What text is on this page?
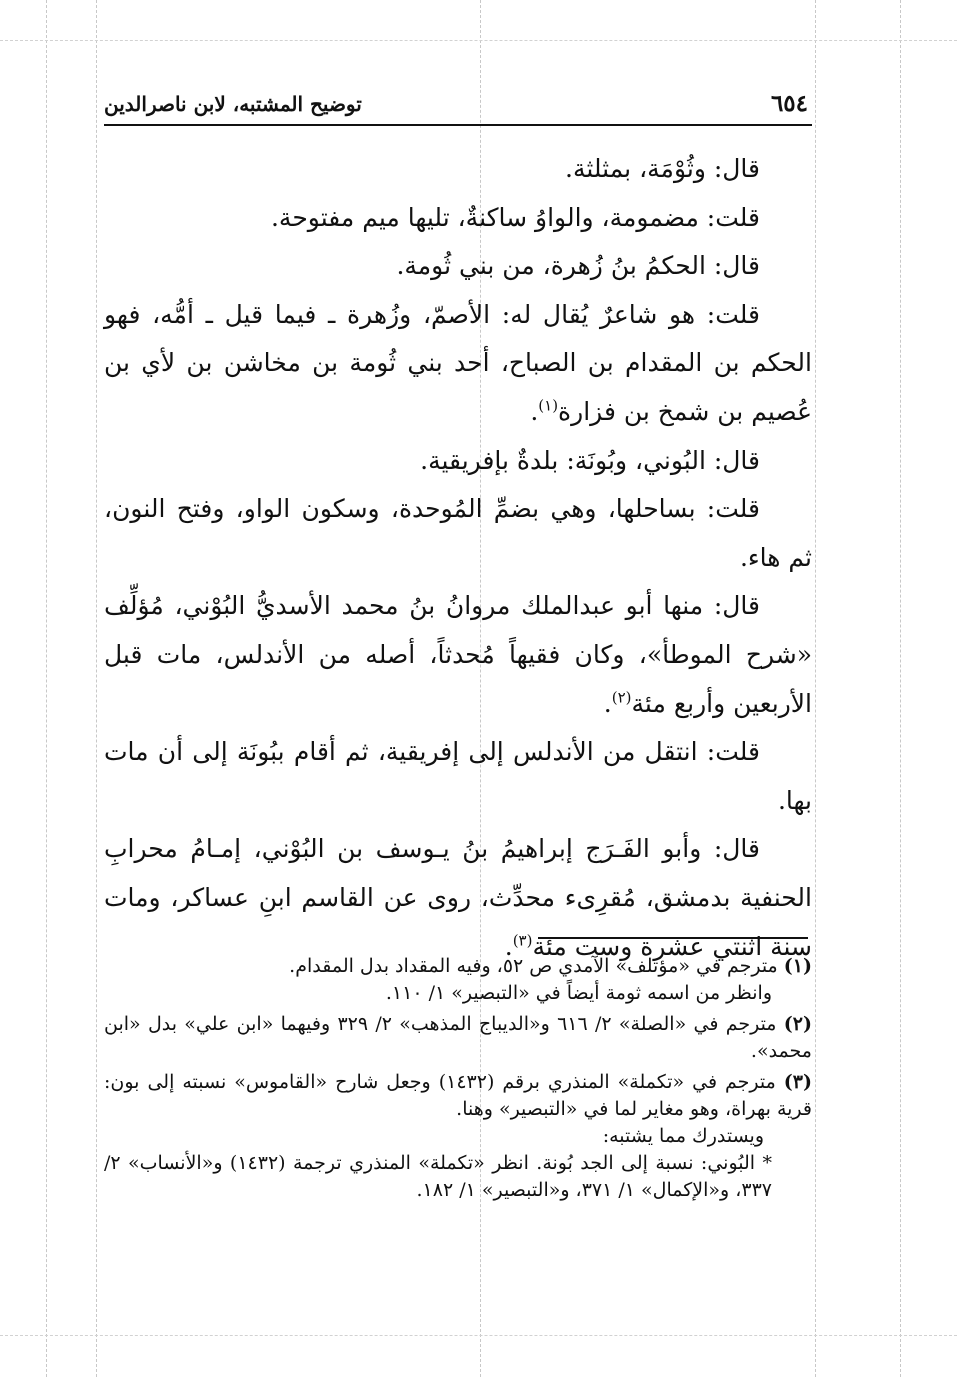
٦٥٤
توضيح المشتبه، لابن ناصرالدين

قال: وثُوْمَة، بمثلثة.

قلت: مضمومة، والواوُ ساكنةٌ، تليها ميم مفتوحة.

قال: الحكمُ بنُ زُهرة، من بني ثُومة.

قلت: هو شاعرٌ يُقال له: الأصمّ، وزُهرة ـ فيما قيل ـ أمُّه، فهو الحكم بن المقدام بن الصباح، أحد بني ثُومة بن مخاشن بن لأي بن عُصيم بن شمخ بن فزارة$^{(١)}$.

قال: البُوني، وبُونَة: بلدةٌ بإفريقية.

قلت: بساحلها، وهي بضمِّ المُوحدة، وسكون الواو، وفتح النون، ثم هاء.

قال: منها أبو عبدالملك مروانُ بنُ محمد الأسديُّ البُوْني، مُؤلِّف «شرح الموطأ»، وكان فقيهاً مُحدثاً، أصله من الأندلس، مات قبل الأربعين وأربع مئة$^{(٢)}$.

قلت: انتقل من الأندلس إلى إفريقية، ثم أقام ببُونَة إلى أن مات بها.

قال: وأبو الفَـرَج إبراهيمُ بنُ يـوسف بن البُوْني، إمـامُ محرابِ الحنفية بدمشق، مُقرِىء محدِّث، روى عن القاسم ابنِ عساكر، ومات سنة اثنتي عشرة وست مئة$^{(٣)}$.

(١) مترجم في «مؤتلف» الآمدي ص ٥٢، وفيه المقداد بدل المقدام.

وانظر من اسمه ثومة أيضاً في «التبصير» ١/ ١١٠.

(٢) مترجم في «الصلة» ٢/ ٦١٦ و«الديباج المذهب» ٢/ ٣٢٩ وفيهما «ابن علي» بدل «ابن محمد».

(٣) مترجم في «تكملة» المنذري برقم (١٤٣٢) وجعل شارح «القاموس» نسبته إلى بون: قرية بهراة، وهو مغاير لما في «التبصير» وهنا.

ويستدرك مما يشتبه:

* البُوني: نسبة إلى الجد بُونة. انظر «تكملة» المنذري ترجمة (١٤٣٢) و«الأنساب» ٢/ ٣٣٧، و«الإكمال» ١/ ٣٧١، و«التبصير» ١/ ١٨٢.
